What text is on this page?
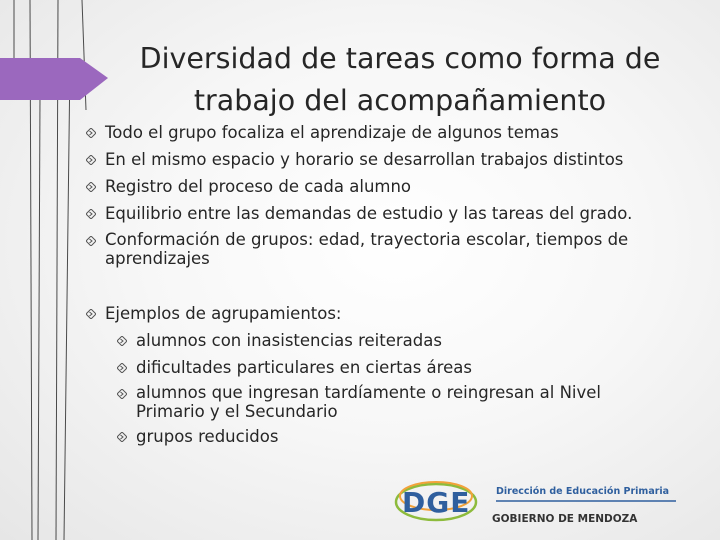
Diversidad de tareas como forma de trabajo del acompañamiento
Todo el grupo focaliza el aprendizaje de algunos temas
En el mismo espacio y horario se desarrollan trabajos distintos
Registro del proceso de cada alumno
Equilibrio entre las demandas de estudio y las tareas del grado.
Conformación de grupos: edad, trayectoria escolar, tiempos de aprendizajes
Ejemplos de agrupamientos:
alumnos con inasistencias reiteradas
dificultades particulares en ciertas áreas
alumnos que ingresan tardíamente o reingresan al Nivel Primario y el Secundario
grupos reducidos
DGE	Dirección de Educación Primaria
GOBIERNO DE MENDOZA
